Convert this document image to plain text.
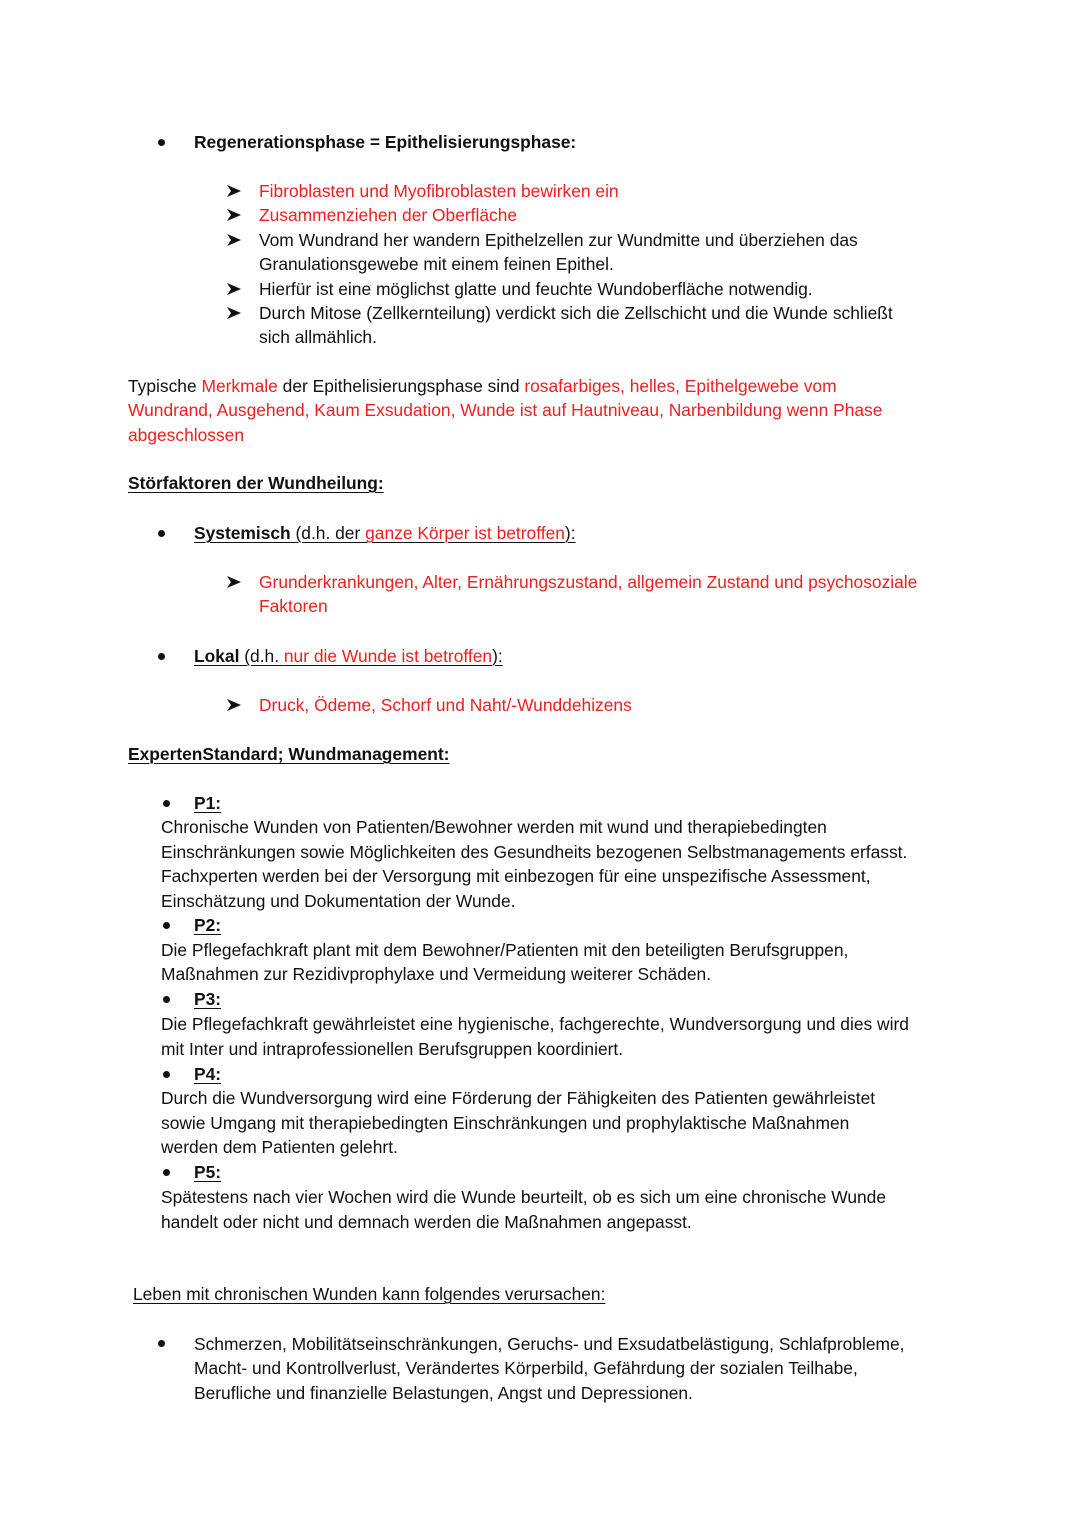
Regenerationsphase = Epithelisierungsphase:
Fibroblasten und Myofibroblasten bewirken ein
Zusammenziehen der Oberfläche
Vom Wundrand her wandern Epithelzellen zur Wundmitte und überziehen das
Granulationsgewebe mit einem feinen Epithel.
Hierfür ist eine möglichst glatte und feuchte Wundoberfläche notwendig.
Durch Mitose (Zellkernteilung) verdickt sich die Zellschicht und die Wunde schließt
sich allmählich.
Typische Merkmale der Epithelisierungsphase sind rosafarbiges, helles, Epithelgewebe vom
Wundrand, Ausgehend, Kaum Exsudation, Wunde ist auf Hautniveau, Narbenbildung wenn Phase
abgeschlossen
Störfaktoren der Wundheilung:
Systemisch (d.h. der ganze Körper ist betroffen):
Grunderkrankungen, Alter, Ernährungszustand, allgemein Zustand und psychosoziale
Faktoren
Lokal (d.h. nur die Wunde ist betroffen):
Druck, Ödeme, Schorf und Naht/-Wunddehizens
ExpertenStandard; Wundmanagement:
P1:
Chronische Wunden von Patienten/Bewohner werden mit wund und therapiebedingten
Einschränkungen sowie Möglichkeiten des Gesundheits bezogenen Selbstmanagements erfasst.
Fachxperten werden bei der Versorgung mit einbezogen für eine unspezifische Assessment,
Einschätzung und Dokumentation der Wunde.
P2:
Die Pflegefachkraft plant mit dem Bewohner/Patienten mit den beteiligten Berufsgruppen,
Maßnahmen zur Rezidivprophylaxe und Vermeidung weiterer Schäden.
P3:
Die Pflegefachkraft gewährleistet eine hygienische, fachgerechte, Wundversorgung und dies wird
mit Inter und intraprofessionellen Berufsgruppen koordiniert.
P4:
Durch die Wundversorgung wird eine Förderung der Fähigkeiten des Patienten gewährleistet
sowie Umgang mit therapiebedingten Einschränkungen und prophylaktische Maßnahmen
werden dem Patienten gelehrt.
P5:
Spätestens nach vier Wochen wird die Wunde beurteilt, ob es sich um eine chronische Wunde
handelt oder nicht und demnach werden die Maßnahmen angepasst.
Leben mit chronischen Wunden kann folgendes verursachen:
Schmerzen, Mobilitätseinschränkungen, Geruchs- und Exsudatbelästigung, Schlafprobleme,
Macht- und Kontrollverlust, Verändertes Körperbild, Gefährdung der sozialen Teilhabe,
Berufliche und finanzielle Belastungen, Angst und Depressionen.
